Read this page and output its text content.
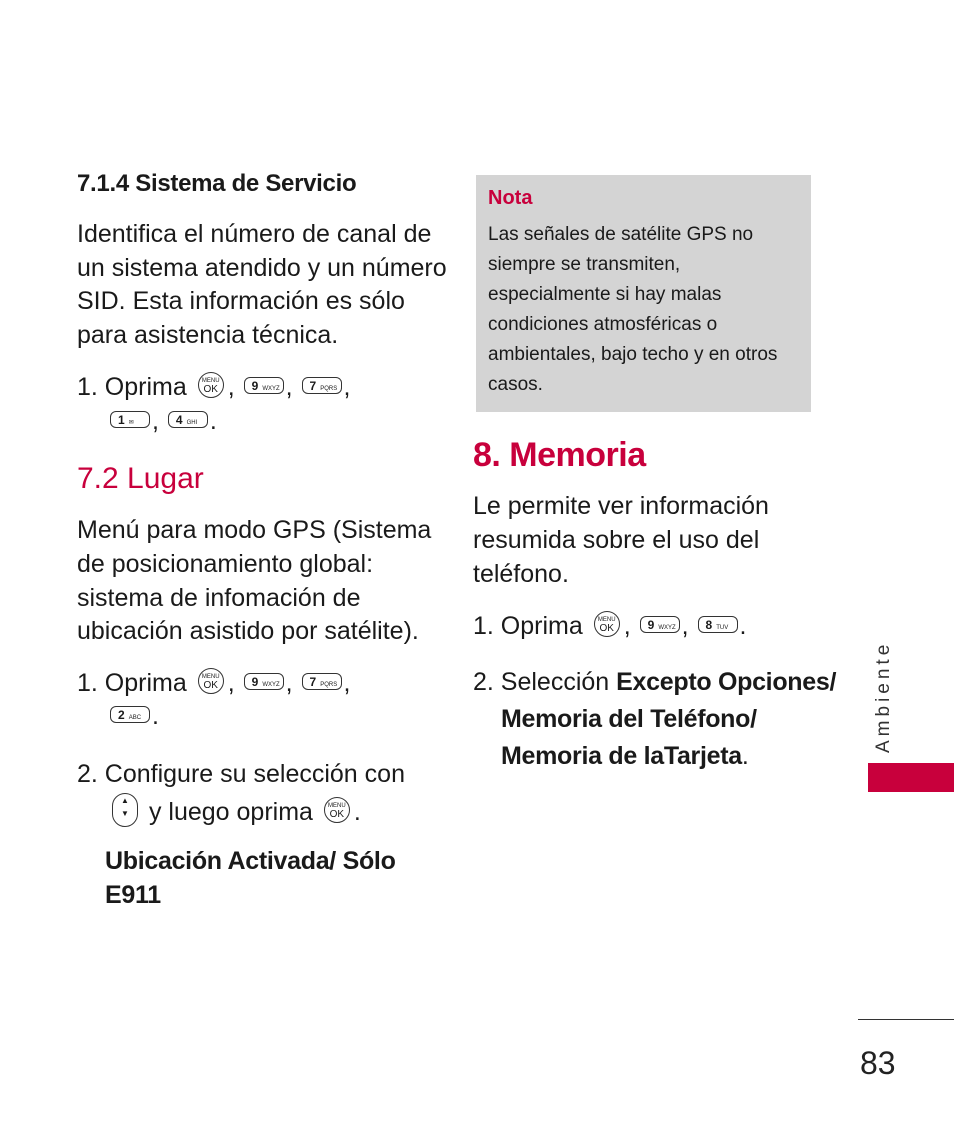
7.1.4 Sistema de Servicio
Identifica el número de canal de
un sistema atendido y un número
SID. Esta información es sólo
para asistencia técnica.
1. Oprima	MENU
OK , 9 WXYZ , 7 PQRS ,
1 ✉ , 4 GHI .
7.2 Lugar
Menú para modo GPS (Sistema
de posicionamiento global:
sistema de infomación de
ubicación asistido por satélite).
1. Oprima	MENU
OK , 9 WXYZ , 7 PQRS ,
2 ABC .
2. Configure su selección con
▲
▼ y luego oprima	MENU
OK .
Ubicación Activada/ Sólo
E911
Nota
Las señales de satélite GPS no
siempre se transmiten,
especialmente si hay malas
condiciones atmosféricas o
ambientales, bajo techo y en otros
casos.
8. Memoria
Le permite ver información
resumida sobre el uso del
teléfono.
1. Oprima	MENU
OK , 9 WXYZ , 8 TUV .
2. Selección Excepto Opciones/
Memoria del Teléfono/
Memoria de laTarjeta.
Ambiente
83
